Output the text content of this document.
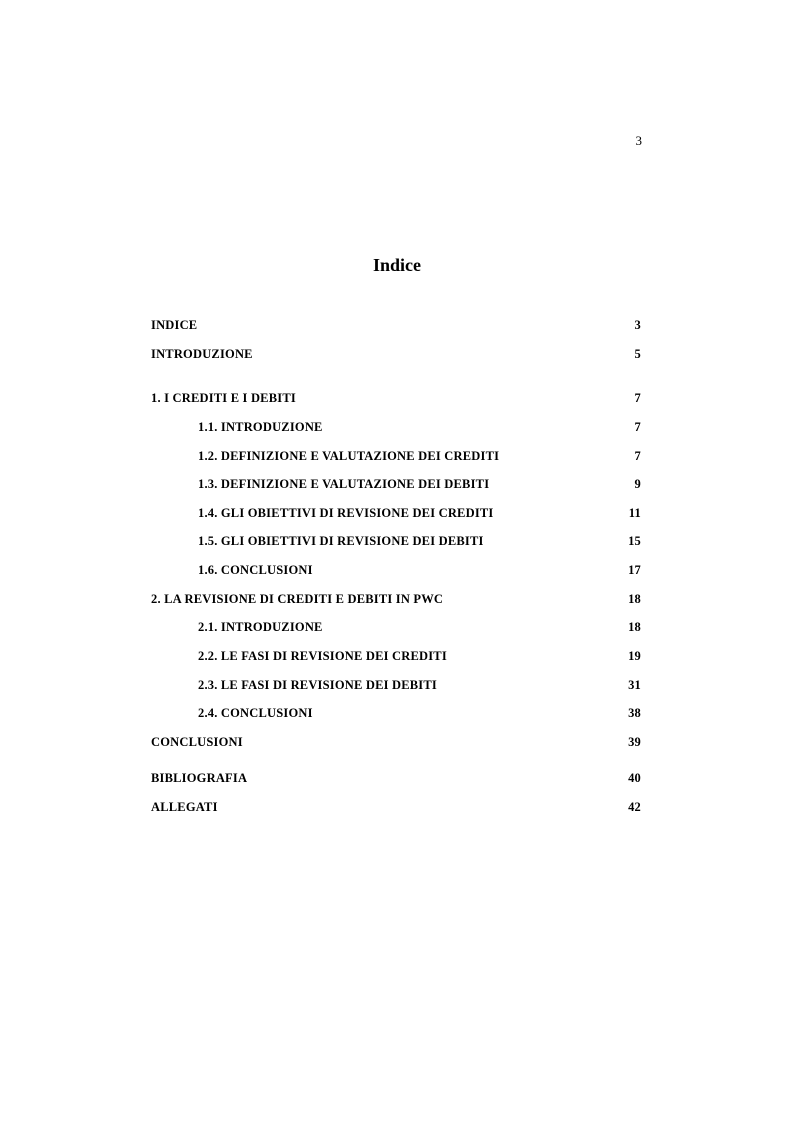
3
Indice
INDICE	3
INTRODUZIONE	5
1. I CREDITI E I DEBITI	7
1.1. INTRODUZIONE	7
1.2. DEFINIZIONE E VALUTAZIONE DEI CREDITI	7
1.3. DEFINIZIONE E VALUTAZIONE DEI DEBITI	9
1.4. GLI OBIETTIVI DI REVISIONE DEI CREDITI	11
1.5. GLI OBIETTIVI DI REVISIONE DEI DEBITI	15
1.6. CONCLUSIONI	17
2. LA REVISIONE DI CREDITI E DEBITI IN PWC	18
2.1. INTRODUZIONE	18
2.2. LE FASI DI REVISIONE DEI CREDITI	19
2.3. LE FASI DI REVISIONE DEI DEBITI	31
2.4. CONCLUSIONI	38
CONCLUSIONI	39
BIBLIOGRAFIA	40
ALLEGATI	42
